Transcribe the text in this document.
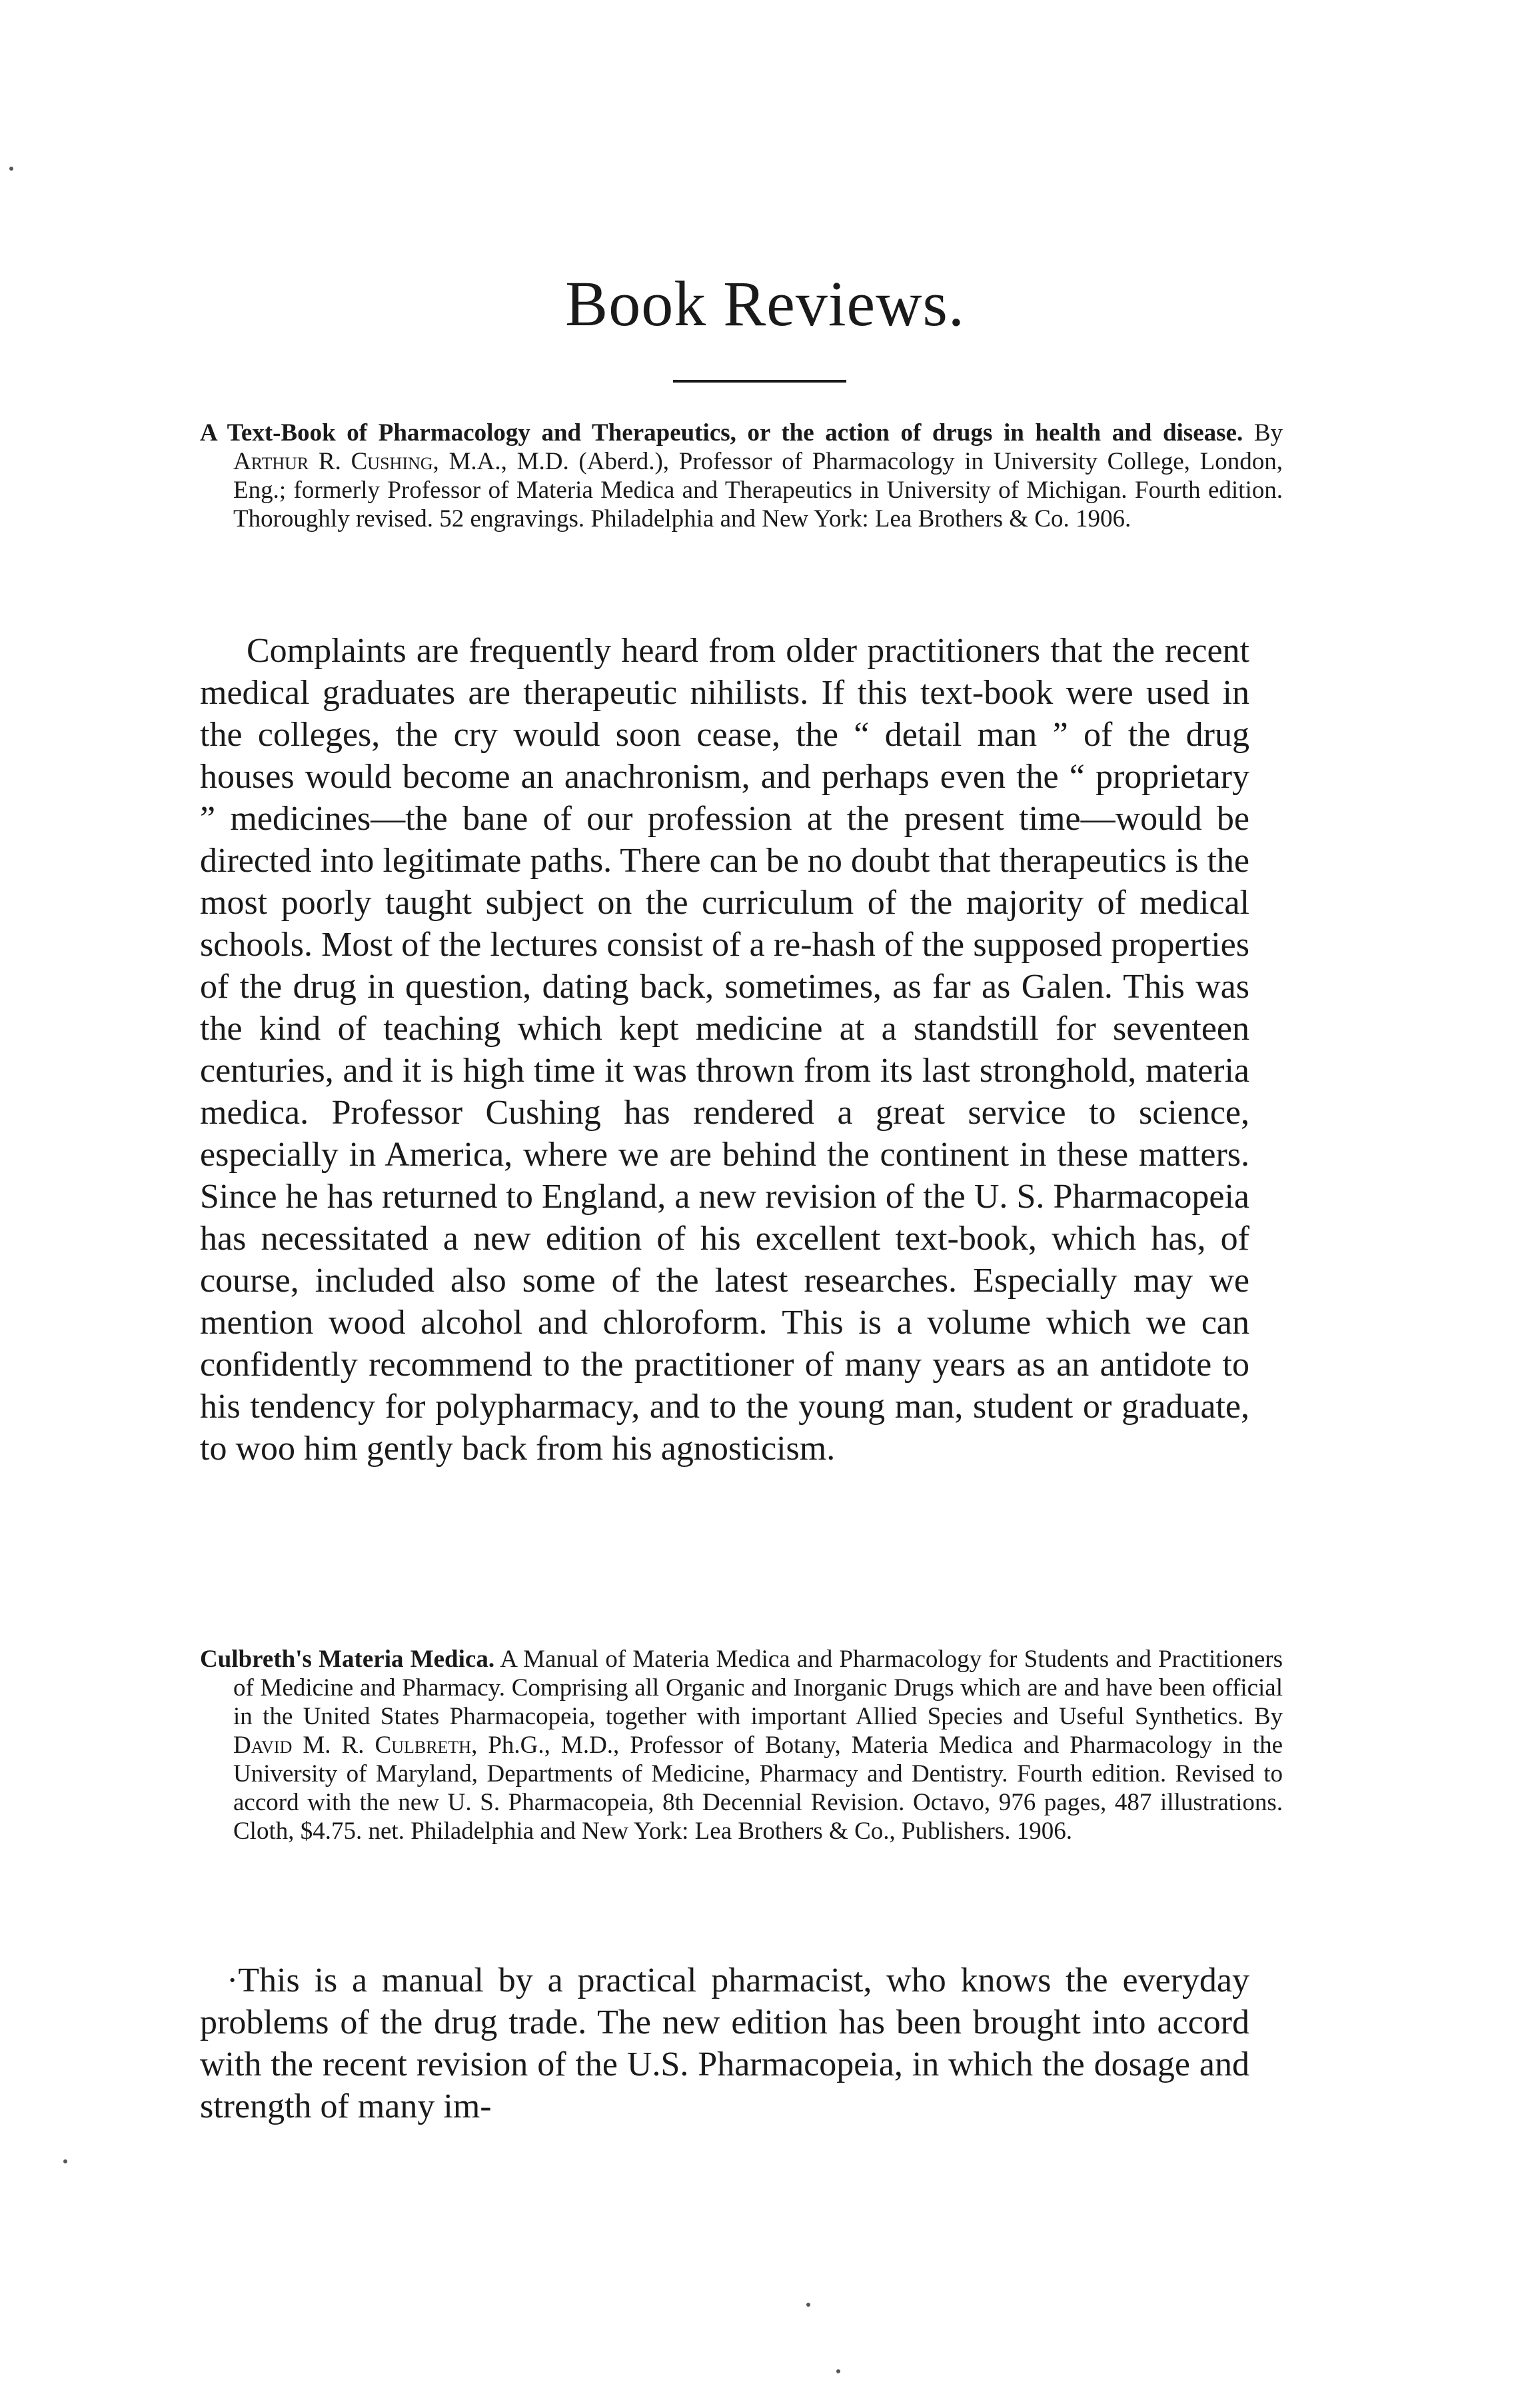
Book Reviews.

A Text-Book of Pharmacology and Therapeutics, or the action of drugs in health and disease. By Arthur R. Cushing, M.A., M.D. (Aberd.), Professor of Pharmacology in University College, London, Eng.; formerly Professor of Materia Medica and Therapeutics in University of Michigan. Fourth edition. Thoroughly revised. 52 engravings. Philadelphia and New York: Lea Brothers & Co. 1906.

Complaints are frequently heard from older practitioners that the recent medical graduates are therapeutic nihilists. If this text-book were used in the colleges, the cry would soon cease, the “ detail man ” of the drug houses would become an anachronism, and perhaps even the “ proprietary ” medicines—the bane of our profession at the present time—would be directed into legitimate paths. There can be no doubt that therapeutics is the most poorly taught subject on the curriculum of the majority of medical schools. Most of the lectures consist of a re-hash of the supposed properties of the drug in question, dating back, sometimes, as far as Galen. This was the kind of teaching which kept medicine at a standstill for seventeen centuries, and it is high time it was thrown from its last stronghold, materia medica. Professor Cushing has rendered a great service to science, especially in America, where we are behind the continent in these matters. Since he has returned to England, a new revision of the U. S. Pharmacopeia has necessitated a new edition of his excellent text-book, which has, of course, included also some of the latest researches. Especially may we mention wood alcohol and chloroform. This is a volume which we can confidently recommend to the practitioner of many years as an antidote to his tendency for polypharmacy, and to the young man, student or graduate, to woo him gently back from his agnosticism.

Culbreth's Materia Medica. A Manual of Materia Medica and Pharmacology for Students and Practitioners of Medicine and Pharmacy. Comprising all Organic and Inorganic Drugs which are and have been official in the United States Pharmacopeia, together with important Allied Species and Useful Synthetics. By David M. R. Culbreth, Ph.G., M.D., Professor of Botany, Materia Medica and Pharmacology in the University of Maryland, Departments of Medicine, Pharmacy and Dentistry. Fourth edition. Revised to accord with the new U. S. Pharmacopeia, 8th Decennial Revision. Octavo, 976 pages, 487 illustrations. Cloth, $4.75. net. Philadelphia and New York: Lea Brothers & Co., Publishers. 1906.

·This is a manual by a practical pharmacist, who knows the everyday problems of the drug trade. The new edition has been brought into accord with the recent revision of the U.S. Pharmacopeia, in which the dosage and strength of many im-
